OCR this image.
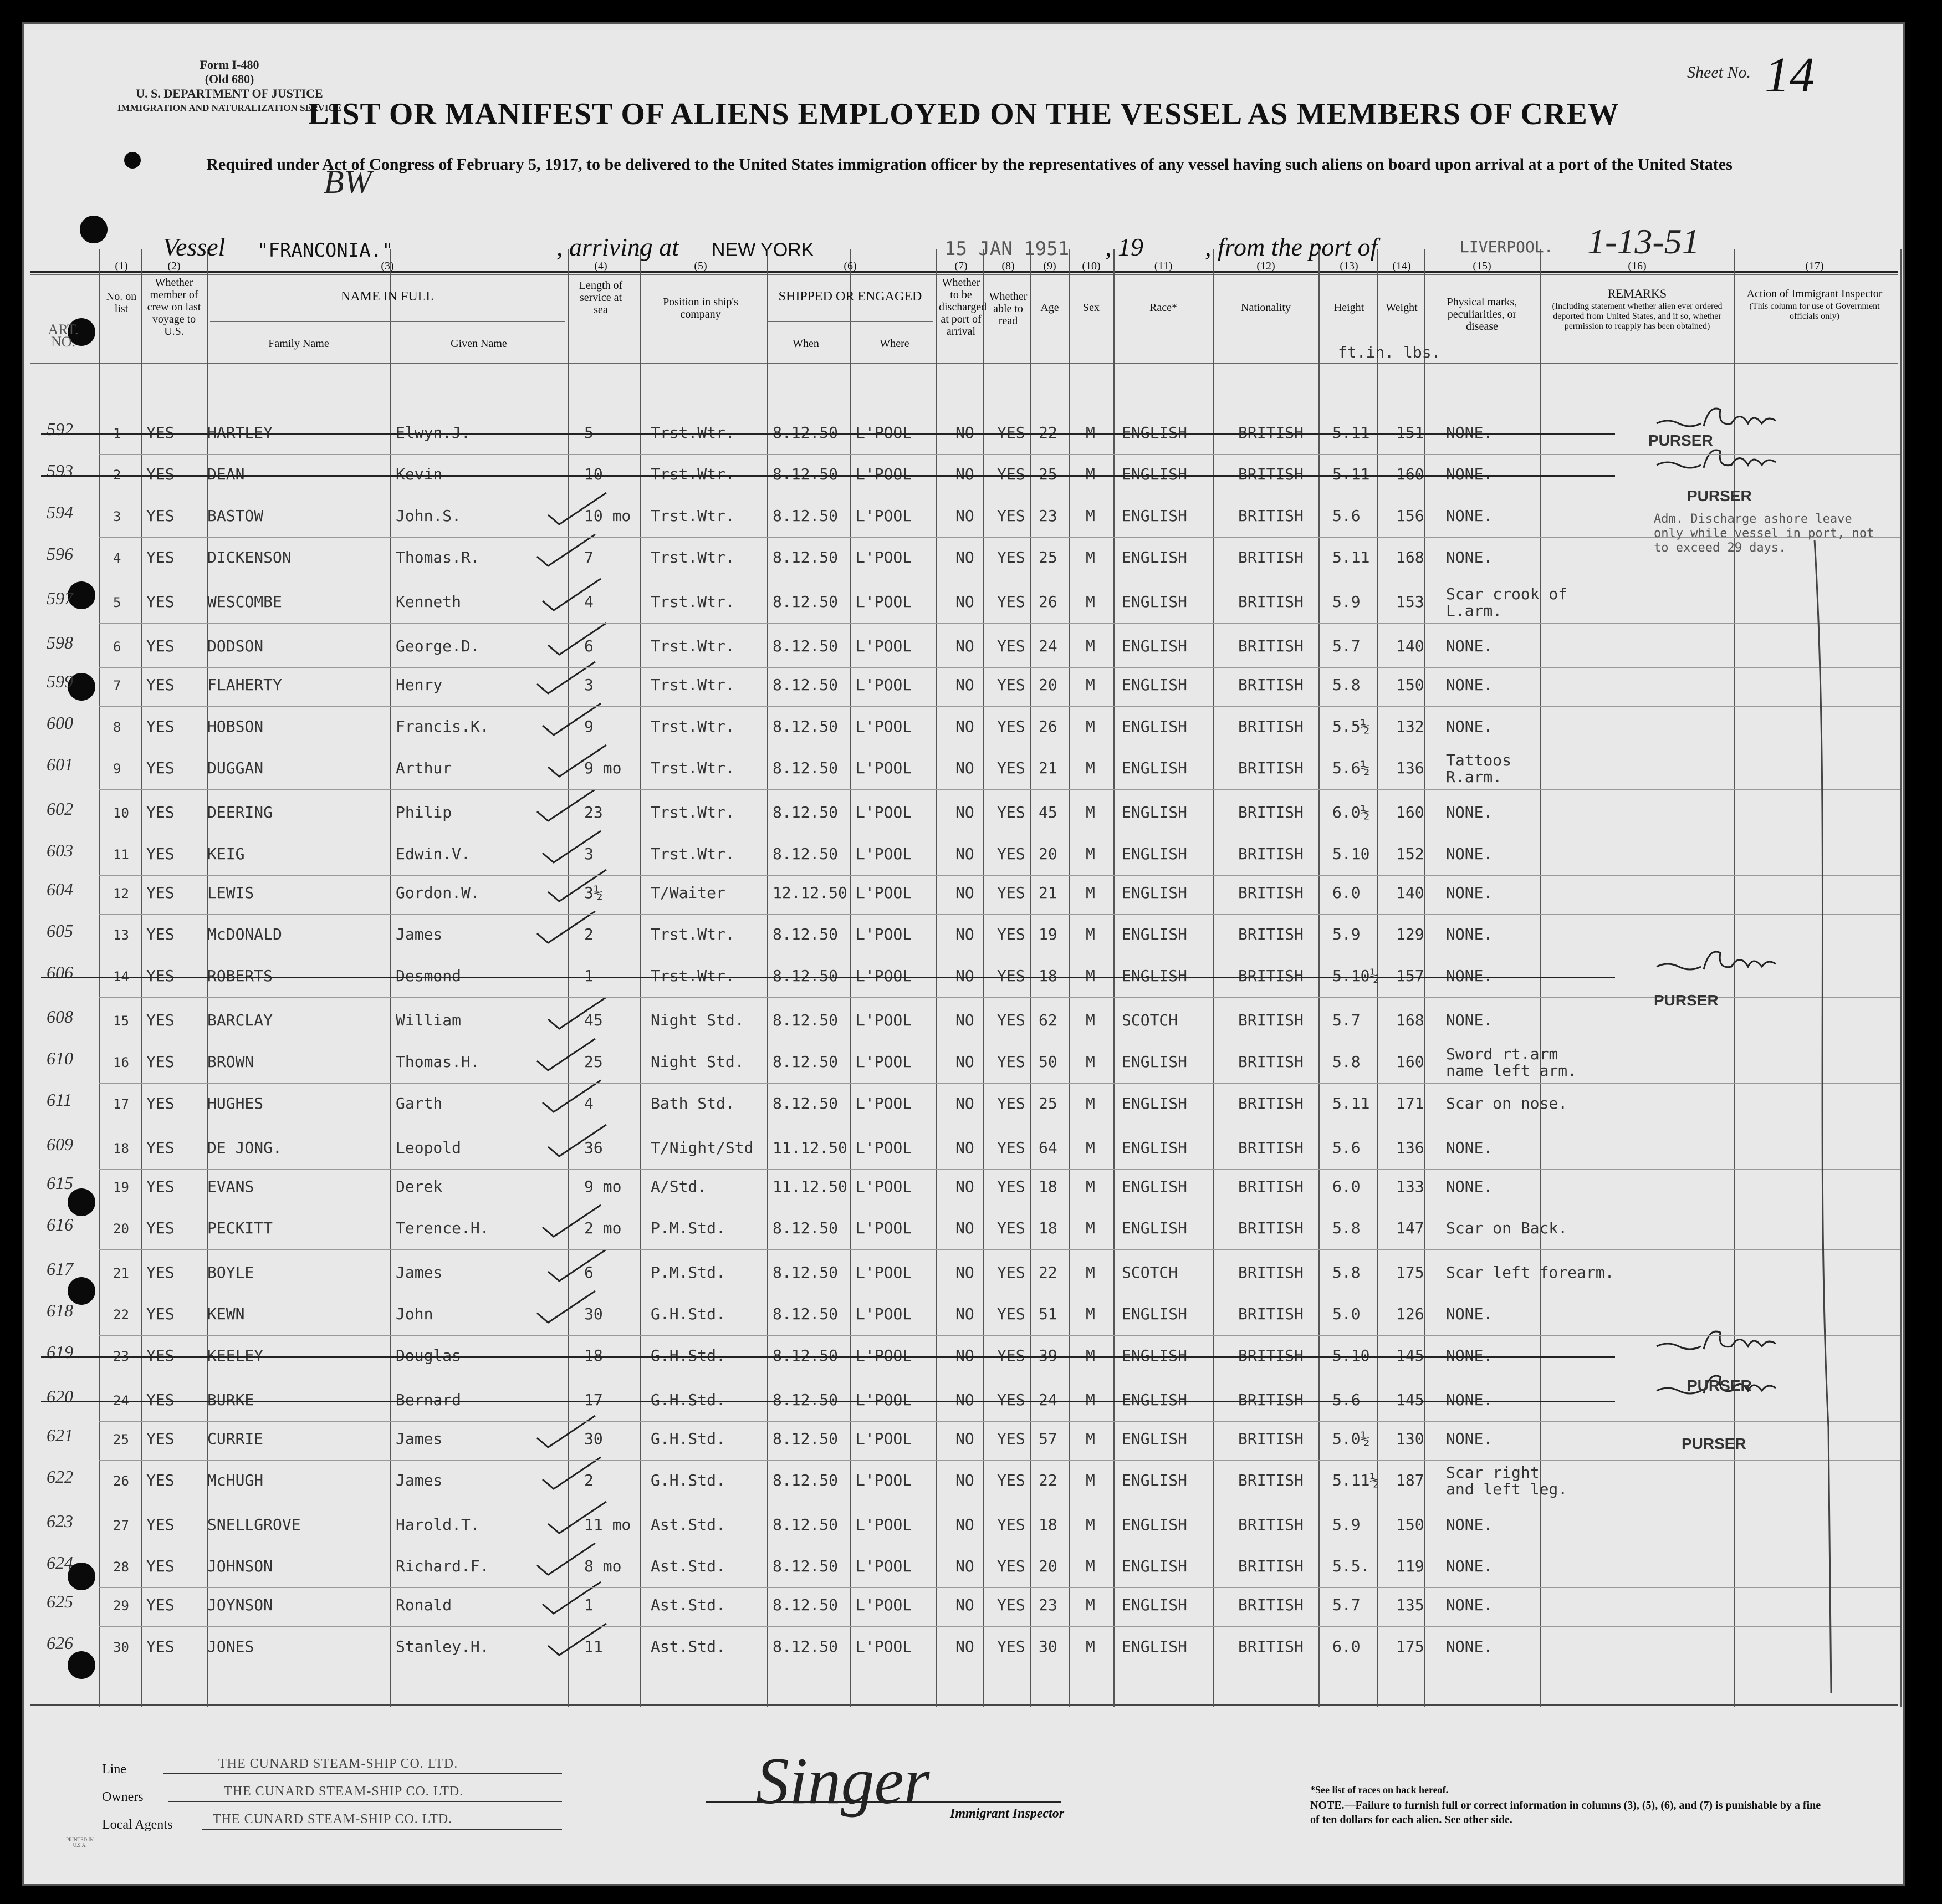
Form I-480
(Old 680)
U. S. DEPARTMENT OF JUSTICE
IMMIGRATION AND NATURALIZATION SERVICE
Sheet No. 14
LIST OR MANIFEST OF ALIENS EMPLOYED ON THE VESSEL AS MEMBERS OF CREW
Required under Act of Congress of February 5, 1917, to be delivered to the United States immigration officer by the representatives of any vessel having such aliens on board upon arrival at a port of the United States
BW
Vessel "FRANCONIA."	, arriving at NEW YORK	15 JAN 1951 , 19 , from the port of	LIVERPOOL. 1-13-51
ART. NO.
(1)
No. on list
(2)
Whether member of crew on last voyage to U.S.
(3)
NAME IN FULL
Family Name	Given Name
(4)
Length of service at sea
(5)
Position in ship's company
(6)
SHIPPED OR ENGAGED
When	Where
(7)
Whether to be discharged at port of arrival
(8)
Whether able to read
(9)
Age
(10)
Sex
(11)
Race*
(12)
Nationality
(13)
Height
(14)
Weight
(15)
Physical marks, peculiarities, or disease
(16)
REMARKS
(Including statement whether alien ever ordered deported from United States, and if so, whether permission to reapply has been obtained)
(17)
Action of Immigrant Inspector
(This column for use of Government officials only)
ft.in. lbs.
592	1 YES HARTLEY	Elwyn.J.	5	Trst.Wtr. 8.12.50 L'POOL	NO YES 22 M ENGLISH	BRITISH 5.11 151 NONE.
593	2 YES DEAN	Kevin	10	Trst.Wtr. 8.12.50 L'POOL	NO YES 25 M ENGLISH	BRITISH 5.11 160 NONE.
594	3 YES BASTOW	John.S.	10 mo Trst.Wtr. 8.12.50 L'POOL	NO YES 23 M ENGLISH	BRITISH 5.6 156 NONE.
596	4 YES DICKENSON	Thomas.R.	7	Trst.Wtr. 8.12.50 L'POOL	NO YES 25 M ENGLISH	BRITISH 5.11 168 NONE.
597	5 YES WESCOMBE	Kenneth	4	Trst.Wtr. 8.12.50 L'POOL	NO YES 26 M ENGLISH	BRITISH 5.9 153 Scar crook of
L.arm.
598	6 YES DODSON	George.D.	6	Trst.Wtr. 8.12.50 L'POOL	NO YES 24 M ENGLISH	BRITISH 5.7 140 NONE.
599	7 YES FLAHERTY	Henry	3	Trst.Wtr. 8.12.50 L'POOL	NO YES 20 M ENGLISH	BRITISH 5.8 150 NONE.
600	8 YES HOBSON	Francis.K.	9	Trst.Wtr. 8.12.50 L'POOL	NO YES 26 M ENGLISH	BRITISH 5.5½ 132 NONE.
601	9 YES DUGGAN	Arthur	9 mo Trst.Wtr. 8.12.50 L'POOL	NO YES 21 M ENGLISH	BRITISH 5.6½ 136 Tattoos
R.arm.
602	10 YES DEERING	Philip	23	Trst.Wtr. 8.12.50 L'POOL	NO YES 45 M ENGLISH	BRITISH 6.0½ 160 NONE.
603	11 YES KEIG	Edwin.V.	3	Trst.Wtr. 8.12.50 L'POOL	NO YES 20 M ENGLISH	BRITISH 5.10 152 NONE.
604	12 YES LEWIS	Gordon.W.	3½	T/Waiter	12.12.50 L'POOL	NO YES 21 M ENGLISH	BRITISH 6.0 140 NONE.
605	13 YES McDONALD	James	2	Trst.Wtr. 8.12.50 L'POOL	NO YES 19 M ENGLISH	BRITISH 5.9 129 NONE.
606	14 YES ROBERTS	Desmond	1	Trst.Wtr. 8.12.50 L'POOL	NO YES 18 M ENGLISH	BRITISH 5.10½ 157 NONE.
608	15 YES BARCLAY	William	45	Night Std. 8.12.50 L'POOL	NO YES 62 M SCOTCH	BRITISH 5.7 168 NONE.
610	16 YES BROWN	Thomas.H.	25	Night Std. 8.12.50 L'POOL	NO YES 50 M ENGLISH	BRITISH 5.8 160 Sword rt.arm
name left arm.
611	17 YES HUGHES	Garth	4	Bath Std. 8.12.50 L'POOL	NO YES 25 M ENGLISH	BRITISH 5.11 171 Scar on nose.
609	18 YES DE JONG.	Leopold	36	T/Night/Std 11.12.50 L'POOL	NO YES 64 M ENGLISH	BRITISH 5.6 136 NONE.
615	19 YES EVANS	Derek	9 mo A/Std.	11.12.50 L'POOL	NO YES 18 M ENGLISH	BRITISH 6.0 133 NONE.
616	20 YES PECKITT	Terence.H.	2 mo P.M.Std.	8.12.50 L'POOL	NO YES 18 M ENGLISH	BRITISH 5.8 147 Scar on Back.
617	21 YES BOYLE	James	6	P.M.Std.	8.12.50 L'POOL	NO YES 22 M SCOTCH	BRITISH 5.8 175 Scar left forearm.
618	22 YES KEWN	John	30	G.H.Std.	8.12.50 L'POOL	NO YES 51 M ENGLISH	BRITISH 5.0 126 NONE.
619	23 YES KEELEY	Douglas	18	G.H.Std.	8.12.50 L'POOL	NO YES 39 M ENGLISH	BRITISH 5.10 145 NONE.
620	24 YES BURKE	Bernard	17	G.H.Std.	8.12.50 L'POOL	NO YES 24 M ENGLISH	BRITISH 5.6 145 NONE.
621	25 YES CURRIE	James	30	G.H.Std.	8.12.50 L'POOL	NO YES 57 M ENGLISH	BRITISH 5.0½ 130 NONE.
622	26 YES McHUGH	James	2	G.H.Std.	8.12.50 L'POOL	NO YES 22 M ENGLISH	BRITISH 5.11½ 187 Scar right
and left leg.
623	27 YES SNELLGROVE	Harold.T.	11 mo Ast.Std.	8.12.50 L'POOL	NO YES 18 M ENGLISH	BRITISH 5.9 150 NONE.
624	28 YES JOHNSON	Richard.F.	8 mo Ast.Std.	8.12.50 L'POOL	NO YES 20 M ENGLISH	BRITISH 5.5. 119 NONE.
625	29 YES JOYNSON	Ronald	1	Ast.Std.	8.12.50 L'POOL	NO YES 23 M ENGLISH	BRITISH 5.7 135 NONE.
626	30 YES JONES	Stanley.H.	11	Ast.Std.	8.12.50 L'POOL	NO YES 30 M ENGLISH	BRITISH 6.0 175 NONE.
PURSER
PURSER
PURSER
PURSER
PURSER
Adm. Discharge ashore leave only while vessel in port, not to exceed 29 days.
Line	THE CUNARD STEAM-SHIP CO. LTD.
Owners	THE CUNARD STEAM-SHIP CO. LTD.
Local Agents	THE CUNARD STEAM-SHIP CO. LTD.
Singer Immigrant Inspector
*See list of races on back hereof.
NOTE.—Failure to furnish full or correct information in columns (3), (5), (6), and (7) is punishable by a fine of ten dollars for each alien. See other side.
PRINTED IN U.S.A.
